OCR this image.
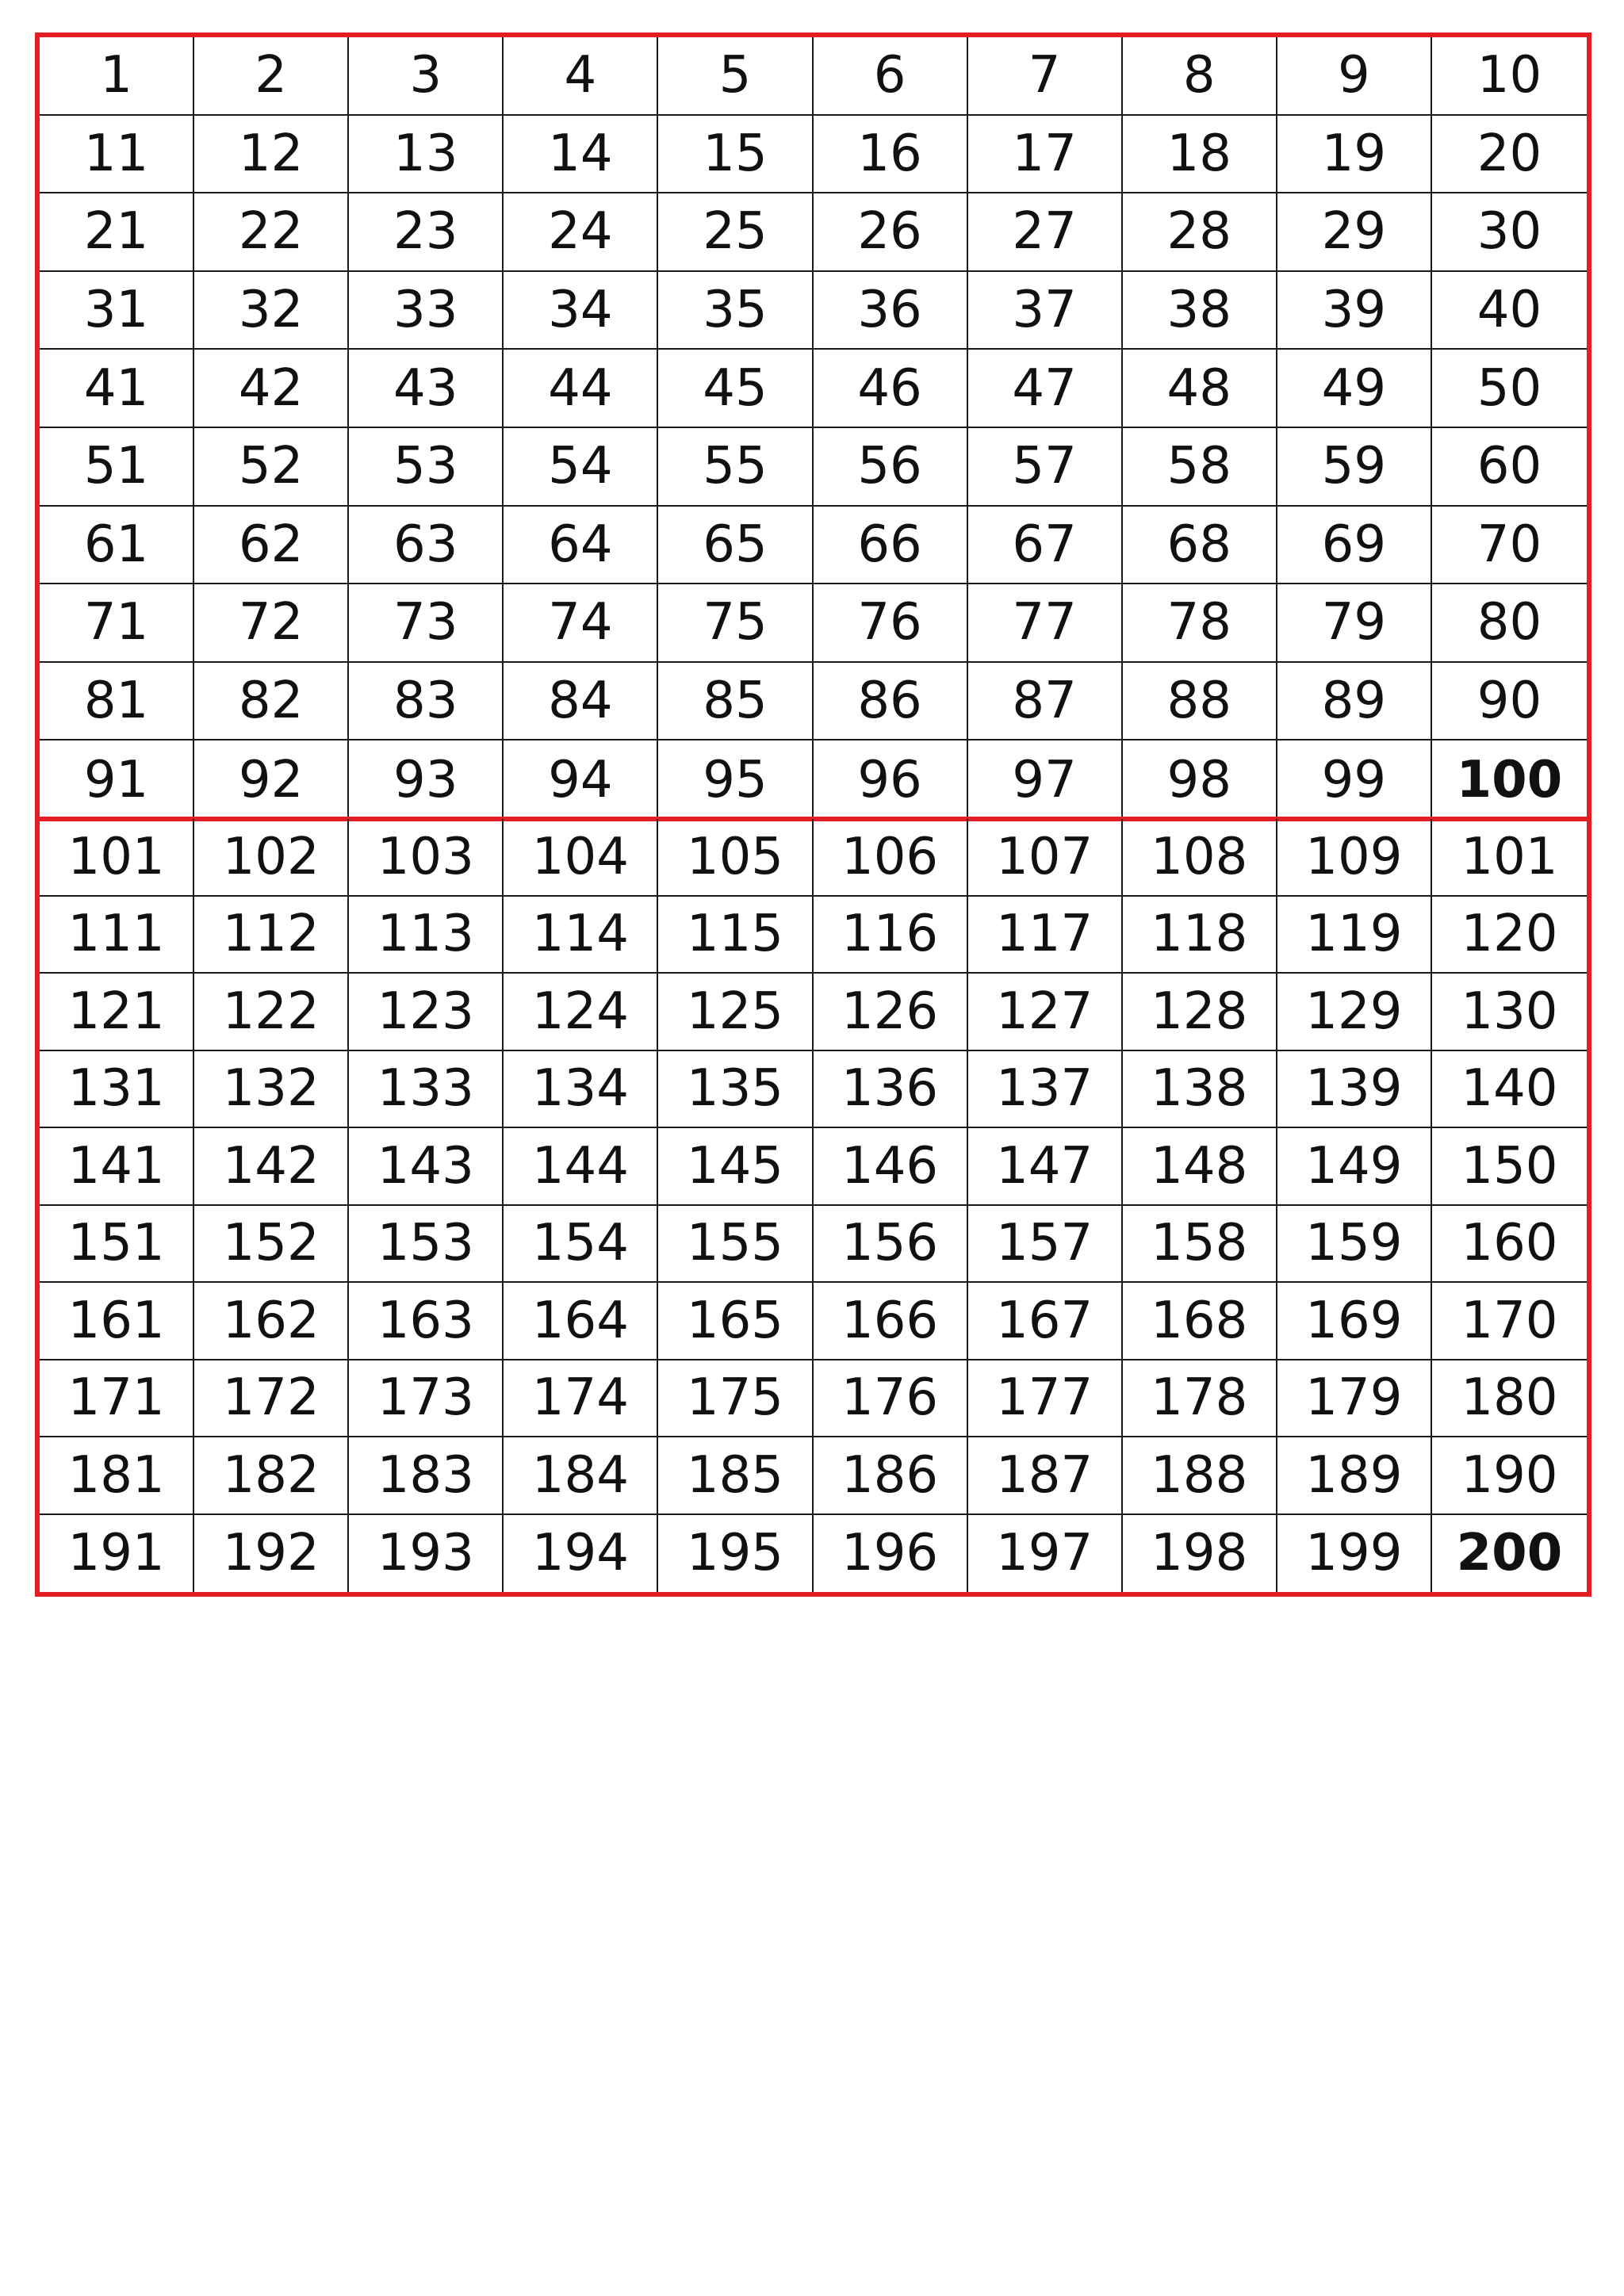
1	2	3	4	5	6	7	8	9	10
11	12	13	14	15	16	17	18	19	20
21	22	23	24	25	26	27	28	29	30
31	32	33	34	35	36	37	38	39	40
41	42	43	44	45	46	47	48	49	50
51	52	53	54	55	56	57	58	59	60
61	62	63	64	65	66	67	68	69	70
71	72	73	74	75	76	77	78	79	80
81	82	83	84	85	86	87	88	89	90
91	92	93	94	95	96	97	98	99	100
101	102	103	104	105	106	107	108	109	101
111	112	113	114	115	116	117	118	119	120
121	122	123	124	125	126	127	128	129	130
131	132	133	134	135	136	137	138	139	140
141	142	143	144	145	146	147	148	149	150
151	152	153	154	155	156	157	158	159	160
161	162	163	164	165	166	167	168	169	170
171	172	173	174	175	176	177	178	179	180
181	182	183	184	185	186	187	188	189	190
191	192	193	194	195	196	197	198	199	200
